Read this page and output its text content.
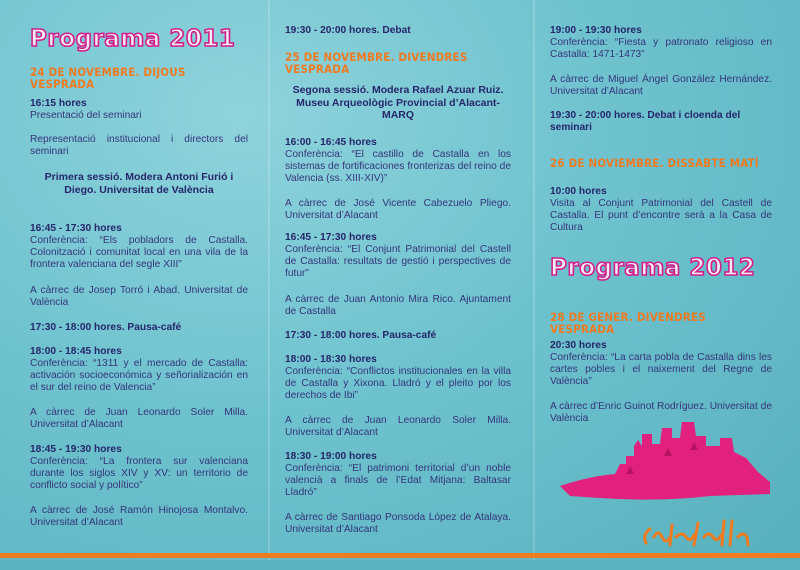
Programa 2011
24 DE NOVEMBRE. DIJOUS VESPRADA

16:15 hores

Presentació del seminari

Representació institucional i directors del seminari
Primera sessió. Modera Antoni Furió i Diego. Universitat de València

16:45 - 17:30 hores

Conferència: “Els pobladors de Castalla. Colonització i comunitat local en una vila de la frontera valenciana del segle XIII”

A càrrec de Josep Torró i Abad. Universitat de València
17:30 - 18:00 hores. Pausa-café

18:00 - 18:45 hores

Conferència: “1311 y el mercado de Castalla: activación socioeconómica y señorialización en el sur del reino de Valencia”

A càrrec de Juan Leonardo Soler Milla. Universitat d’Alacant

18:45 - 19:30 hores

Conferència: “La frontera sur valenciana durante los siglos XIV y XV: un territorio de conflicto social y político”

A càrrec de José Ramón Hinojosa Montalvo. Universitat d’Alacant
19:30 - 20:00 hores. Debat
25 DE NOVEMBRE. DIVENDRES VESPRADA
Segona sessió. Modera Rafael Azuar Ruiz. Museu Arqueològic Provincial d’Alacant-MARQ

16:00 - 16:45 hores

Conferència: “El castillo de Castalla en los sistemas de fortificaciones fronterizas del reino de Valencia (ss. XIII-XIV)”

A càrrec de José Vicente Cabezuelo Pliego. Universitat d’Alacant

16:45 - 17:30 hores

Conferència: “El Conjunt Patrimonial del Castell de Castalla: resultats de gestió i perspectives de futur”

A càrrec de Juan Antonio Mira Rico. Ajuntament de Castalla
17:30 - 18:00 hores. Pausa-café

18:00 - 18:30 hores

Conferència: “Conflictos institucionales en la villa de Castalla y Xixona. Lladró y el pleito por los derechos de Ibi”

A càrrec de Juan Leonardo Soler Milla. Universitat d’Alacant

18:30 - 19:00 hores

Conferència: “El patrimoni territorial d’un noble valencià a finals de l’Edat Mitjana: Baltasar Lladró”

A càrrec de Santiago Ponsoda López de Atalaya. Universitat d’Alacant

19:00 - 19:30 hores

Conferència: “Fiesta y patronato religioso en Castalla: 1471-1473”

A càrrec de Miguel Ángel González Hernández. Universitat d’Alacant
19:30 - 20:00 hores. Debat i cloenda del seminari
26 DE NOVIEMBRE. DISSABTE MATÍ

10:00 hores

Visita al Conjunt Patrimonial del Castell de Castalla. El punt d’encontre serà a la Casa de Cultura

Programa 2012
28 DE GENER. DIVENDRES VESPRADA

20:30 hores

Conferència: “La carta pobla de Castalla dins les cartes pobles i el naixement del Regne de València”

A càrrec d’Enric Guinot Rodríguez. Universitat de València
